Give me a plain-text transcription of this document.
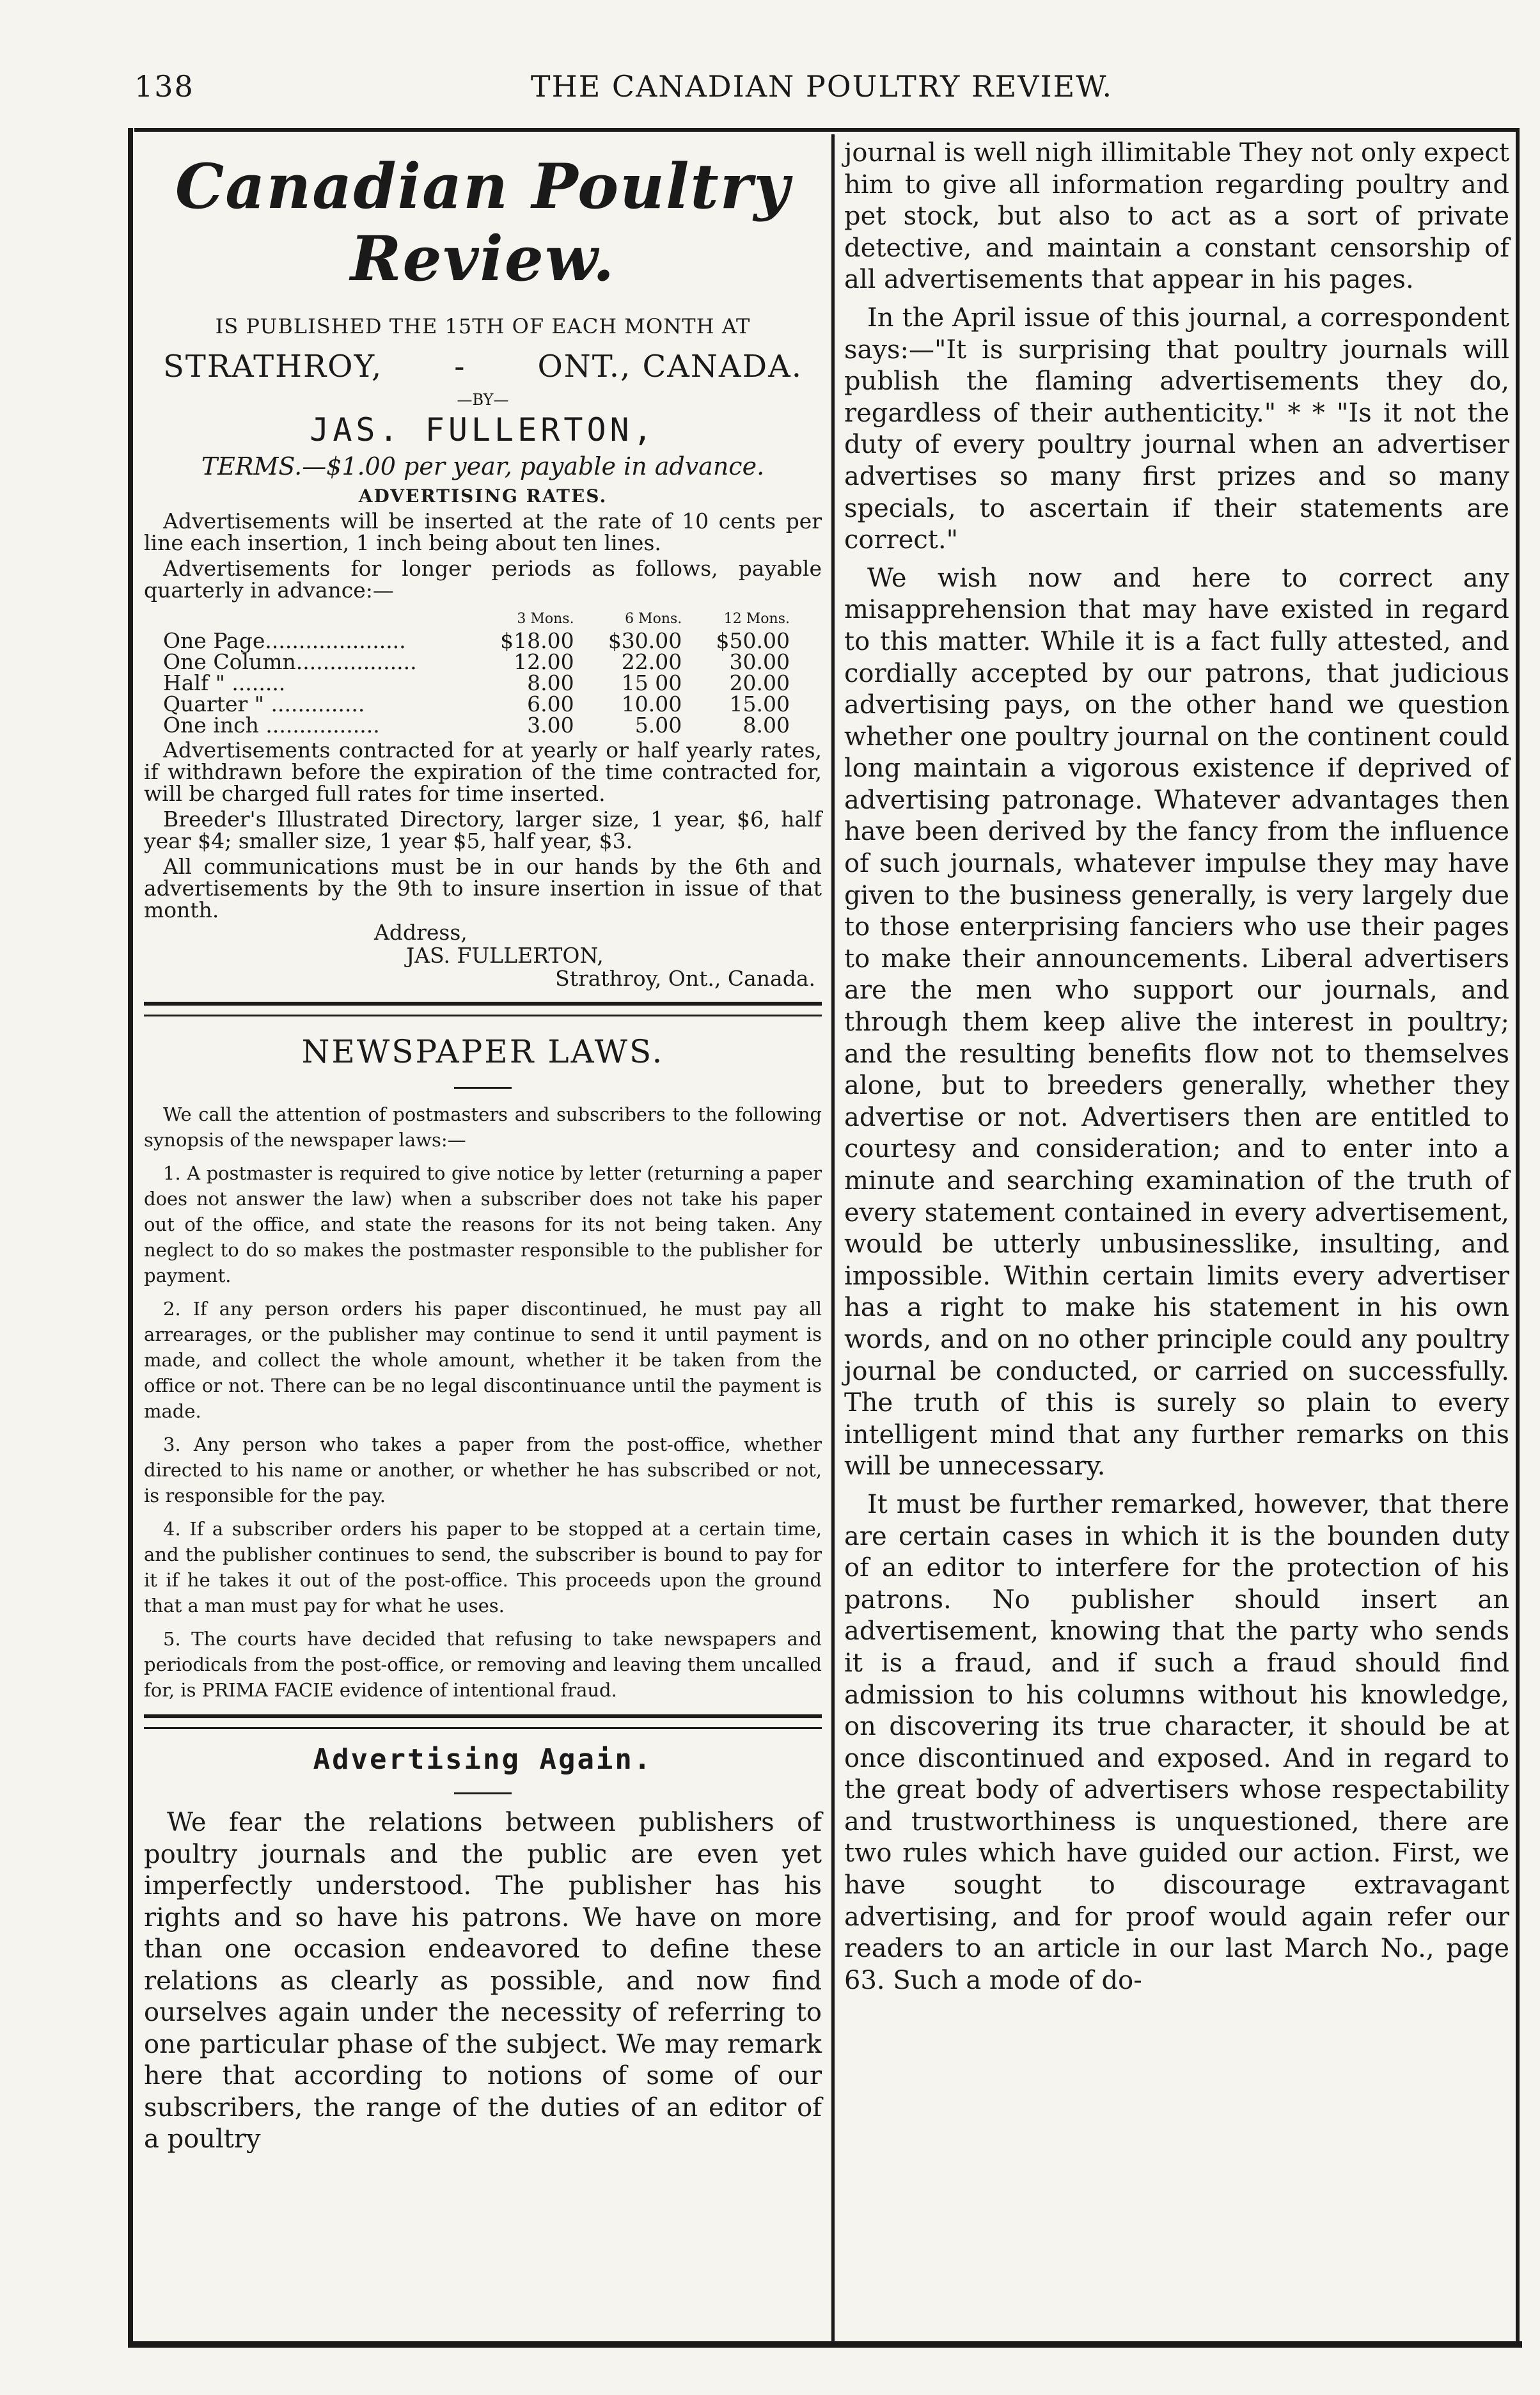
138	THE CANADIAN POULTRY REVIEW.
Canadian Poultry Review.
IS PUBLISHED THE 15TH OF EACH MONTH AT
STRATHROY, - ONT., CANADA.
—BY—
JAS. FULLERTON,
TERMS.—$1.00 per year, payable in advance.
ADVERTISING RATES.

Advertisements will be inserted at the rate of 10 cents per line each insertion, 1 inch being about ten lines.

Advertisements for longer periods as follows, payable quarterly in advance:—

	3 Mons.	6 Mons.	12 Mons.
One Page.....................	$18.00	$30.00	$50.00
One Column..................	12.00	22.00	30.00
Half " ........	8.00	15 00	20.00
Quarter " ..............	6.00	10.00	15.00
One inch .................	3.00	5.00	8.00

Advertisements contracted for at yearly or half yearly rates, if withdrawn before the expiration of the time contracted for, will be charged full rates for time inserted.

Breeder's Illustrated Directory, larger size, 1 year, $6, half year $4; smaller size, 1 year $5, half year, $3.

All communications must be in our hands by the 6th and advertisements by the 9th to insure insertion in issue of that month.

Address,
JAS. FULLERTON,
Strathroy, Ont., Canada.
NEWSPAPER LAWS.

We call the attention of postmasters and subscribers to the following synopsis of the newspaper laws:—

1. A postmaster is required to give notice by letter (returning a paper does not answer the law) when a subscriber does not take his paper out of the office, and state the reasons for its not being taken. Any neglect to do so makes the postmaster responsible to the publisher for payment.

2. If any person orders his paper discontinued, he must pay all arrearages, or the publisher may continue to send it until payment is made, and collect the whole amount, whether it be taken from the office or not. There can be no legal discontinuance until the payment is made.

3. Any person who takes a paper from the post-office, whether directed to his name or another, or whether he has subscribed or not, is responsible for the pay.

4. If a subscriber orders his paper to be stopped at a certain time, and the publisher continues to send, the subscriber is bound to pay for it if he takes it out of the post-office. This proceeds upon the ground that a man must pay for what he uses.

5. The courts have decided that refusing to take newspapers and periodicals from the post-office, or removing and leaving them uncalled for, is PRIMA FACIE evidence of intentional fraud.

Advertising Again.

We fear the relations between publishers of poultry journals and the public are even yet imperfectly understood. The publisher has his rights and so have his patrons. We have on more than one occasion endeavored to define these relations as clearly as possible, and now find ourselves again under the necessity of referring to one particular phase of the subject. We may remark here that according to notions of some of our subscribers, the range of the duties of an editor of a poultry

journal is well nigh illimitable They not only expect him to give all information regarding poultry and pet stock, but also to act as a sort of private detective, and maintain a constant censorship of all advertisements that appear in his pages.

In the April issue of this journal, a correspondent says:—"It is surprising that poultry journals will publish the flaming advertisements they do, regardless of their authenticity." * * "Is it not the duty of every poultry journal when an advertiser advertises so many first prizes and so many specials, to ascertain if their statements are correct."

We wish now and here to correct any misapprehension that may have existed in regard to this matter. While it is a fact fully attested, and cordially accepted by our patrons, that judicious advertising pays, on the other hand we question whether one poultry journal on the continent could long maintain a vigorous existence if deprived of advertising patronage. Whatever advantages then have been derived by the fancy from the influence of such journals, whatever impulse they may have given to the business generally, is very largely due to those enterprising fanciers who use their pages to make their announcements. Liberal advertisers are the men who support our journals, and through them keep alive the interest in poultry; and the resulting benefits flow not to themselves alone, but to breeders generally, whether they advertise or not. Advertisers then are entitled to courtesy and consideration; and to enter into a minute and searching examination of the truth of every statement contained in every advertisement, would be utterly unbusinesslike, insulting, and impossible. Within certain limits every advertiser has a right to make his statement in his own words, and on no other principle could any poultry journal be conducted, or carried on successfully. The truth of this is surely so plain to every intelligent mind that any further remarks on this will be unnecessary.

It must be further remarked, however, that there are certain cases in which it is the bounden duty of an editor to interfere for the protection of his patrons. No publisher should insert an advertisement, knowing that the party who sends it is a fraud, and if such a fraud should find admission to his columns without his knowledge, on discovering its true character, it should be at once discontinued and exposed. And in regard to the great body of advertisers whose respectability and trustworthiness is unquestioned, there are two rules which have guided our action. First, we have sought to discourage extravagant advertising, and for proof would again refer our readers to an article in our last March No., page 63. Such a mode of do-
